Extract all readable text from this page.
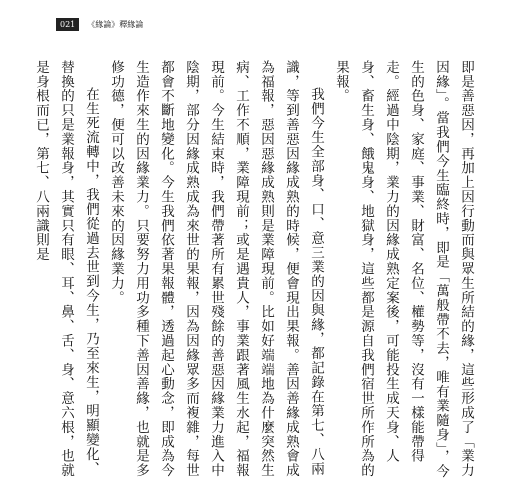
021	《緣論》釋緣論

即是善惡因，再加上因行動而與眾生所結的緣，這些形成了「業力因緣」。當我們今生臨終時，即是「萬般帶不去，唯有業隨身」，今生的色身、家庭、事業、財富、名位、權勢等，沒有一樣能帶得走。經過中陰期，業力的因緣成熟定案後，可能投生成天身、人身、畜生身、餓鬼身、地獄身，這些都是源自我們宿世所作所為的果報。

我們今生全部身、口、意三業的因與緣，都記錄在第七、八兩識，等到善惡因緣成熟的時候，便會現出果報。善因善緣成熟會成為福報，惡因惡緣成熟則是業障現前。比如好端端地為什麼突然生病、工作不順，業障現前；或是遇貴人，事業跟著風生水起，福報現前。今生結束時，我們帶著所有累世殘餘的善惡因緣業力進入中陰期，部分因緣成熟成為來世的果報，因為因緣眾多而複雜，每世都會不斷地變化。今生我們依著果報體，透過起心動念，即成為今生造作來生的因緣業力。只要努力用功多種下善因善緣，也就是多修功德，便可以改善未來的因緣業力。

在生死流轉中，我們從過去世到今生，乃至來生，明顯變化、替換的只是業報身，其實只有眼、耳、鼻、舌、身、意六根，也就是身根而已，第七、八兩識則是
